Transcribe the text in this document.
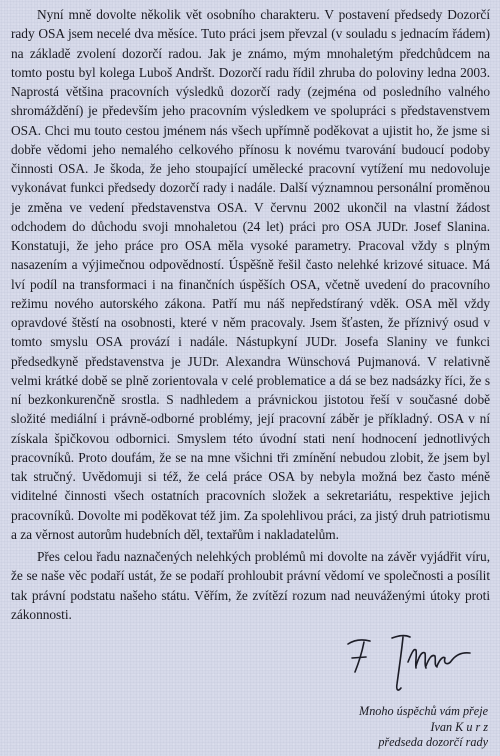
Nyní mně dovolte několik vět osobního charakteru. V postavení předsedy Dozorčí rady OSA jsem necelé dva měsíce. Tuto práci jsem převzal (v souladu s jednacím řádem) na základě zvolení dozorčí radou. Jak je známo, mým mnohaletým předchůdcem na tomto postu byl kolega Luboš Andršt. Dozorčí radu řídil zhruba do poloviny ledna 2003. Naprostá většina pracovních výsledků dozorčí rady (zejména od posledního valného shromáždění) je především jeho pracovním výsledkem ve spolupráci s představenstvem OSA. Chci mu touto cestou jménem nás všech upřímně poděkovat a ujistit ho, že jsme si dobře vědomi jeho nemalého celkového přínosu k novému tvarování budoucí podoby činnosti OSA. Je škoda, že jeho stoupající umělecké pracovní vytížení mu nedovoluje vykonávat funkci předsedy dozorčí rady i nadále. Další významnou personální proměnou je změna ve vedení představenstva OSA. V červnu 2002 ukončil na vlastní žádost odchodem do důchodu svoji mnohaletou (24 let) práci pro OSA JUDr. Josef Slanina. Konstatuji, že jeho práce pro OSA měla vysoké parametry. Pracoval vždy s plným nasazením a výjimečnou odpovědností. Úspěšně řešil často nelehké krizové situace. Má lví podíl na transformaci i na finančních úspěších OSA, včetně uvedení do pracovního režimu nového autorského zákona. Patří mu náš nepředstíraný vděk. OSA měl vždy opravdové štěstí na osobnosti, které v něm pracovaly. Jsem šťasten, že příznivý osud v tomto smyslu OSA provází i nadále. Nástupkyní JUDr. Josefa Slaniny ve funkci předsedkyně představenstva je JUDr. Alexandra Wünschová Pujmanová. V relativně velmi krátké době se plně zorientovala v celé problematice a dá se bez nadsázky říci, že s ní bezkonkurenčně srostla. S nadhledem a právnickou jistotou řeší v současné době složité mediální i právně-odborné problémy, její pracovní záběr je příkladný. OSA v ní získala špičkovou odbornici. Smyslem této úvodní stati není hodnocení jednotlivých pracovníků. Proto doufám, že se na mne všichni tři zmínění nebudou zlobit, že jsem byl tak stručný. Uvědomuji si též, že celá práce OSA by nebyla možná bez často méně viditelné činnosti všech ostatních pracovních složek a sekretariátu, respektive jejich pracovníků. Dovolte mi poděkovat též jim. Za spolehlivou práci, za jistý druh patriotismu a za věrnost autorům hudebních děl, textařům i nakladatelům.

Přes celou řadu naznačených nelehkých problémů mi dovolte na závěr vyjádřit víru, že se naše věc podaří ustát, že se podaří prohloubit právní vědomí ve společnosti a posílit tak právní podstatu našeho státu. Věřím, že zvítězí rozum nad neuváženými útoky proti zákonnosti.

Mnoho úspěchů vám přeje
Ivan K u r z
předseda dozorčí rady
